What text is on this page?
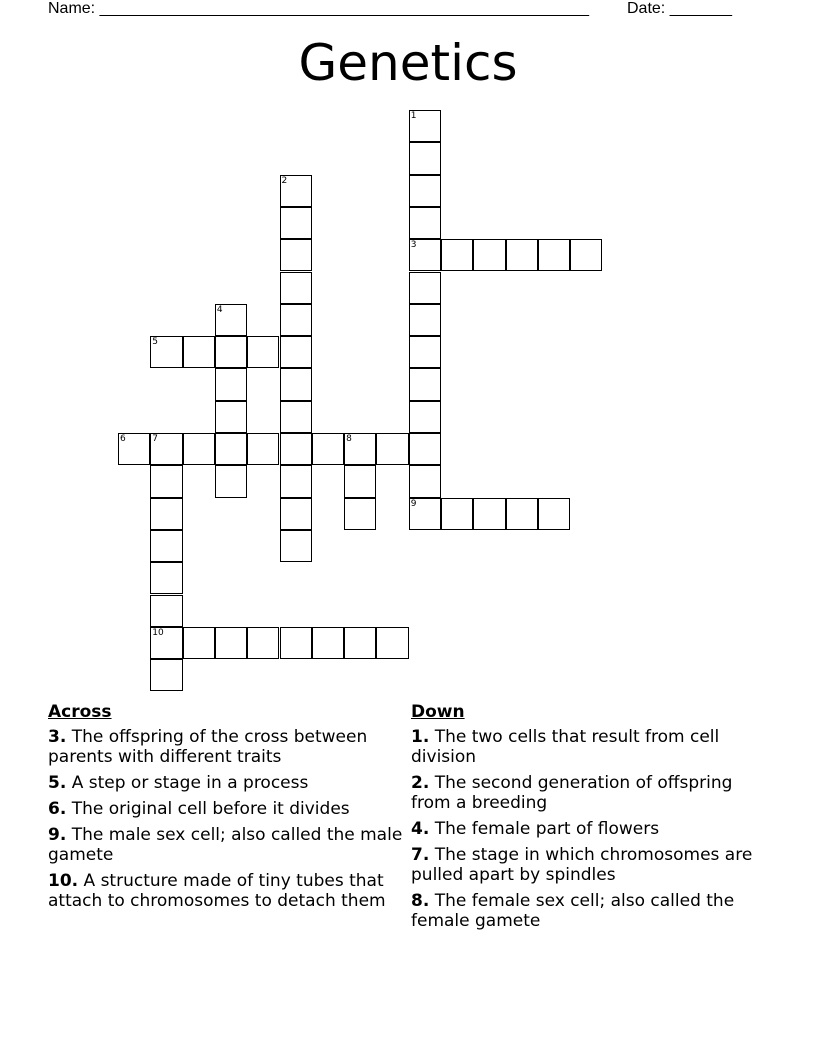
Name: _______________________________________________________ Date: _______
Genetics
1
3
2
4
5
6	7	8
10
9
Across
3. The offspring of the cross between parents with different traits
5. A step or stage in a process
6. The original cell before it divides
9. The male sex cell; also called the male gamete
10. A structure made of tiny tubes that attach to chromosomes to detach them
Down
1. The two cells that result from cell division
2. The second generation of offspring from a breeding
4. The female part of flowers
7. The stage in which chromosomes are pulled apart by spindles
8. The female sex cell; also called the female gamete
